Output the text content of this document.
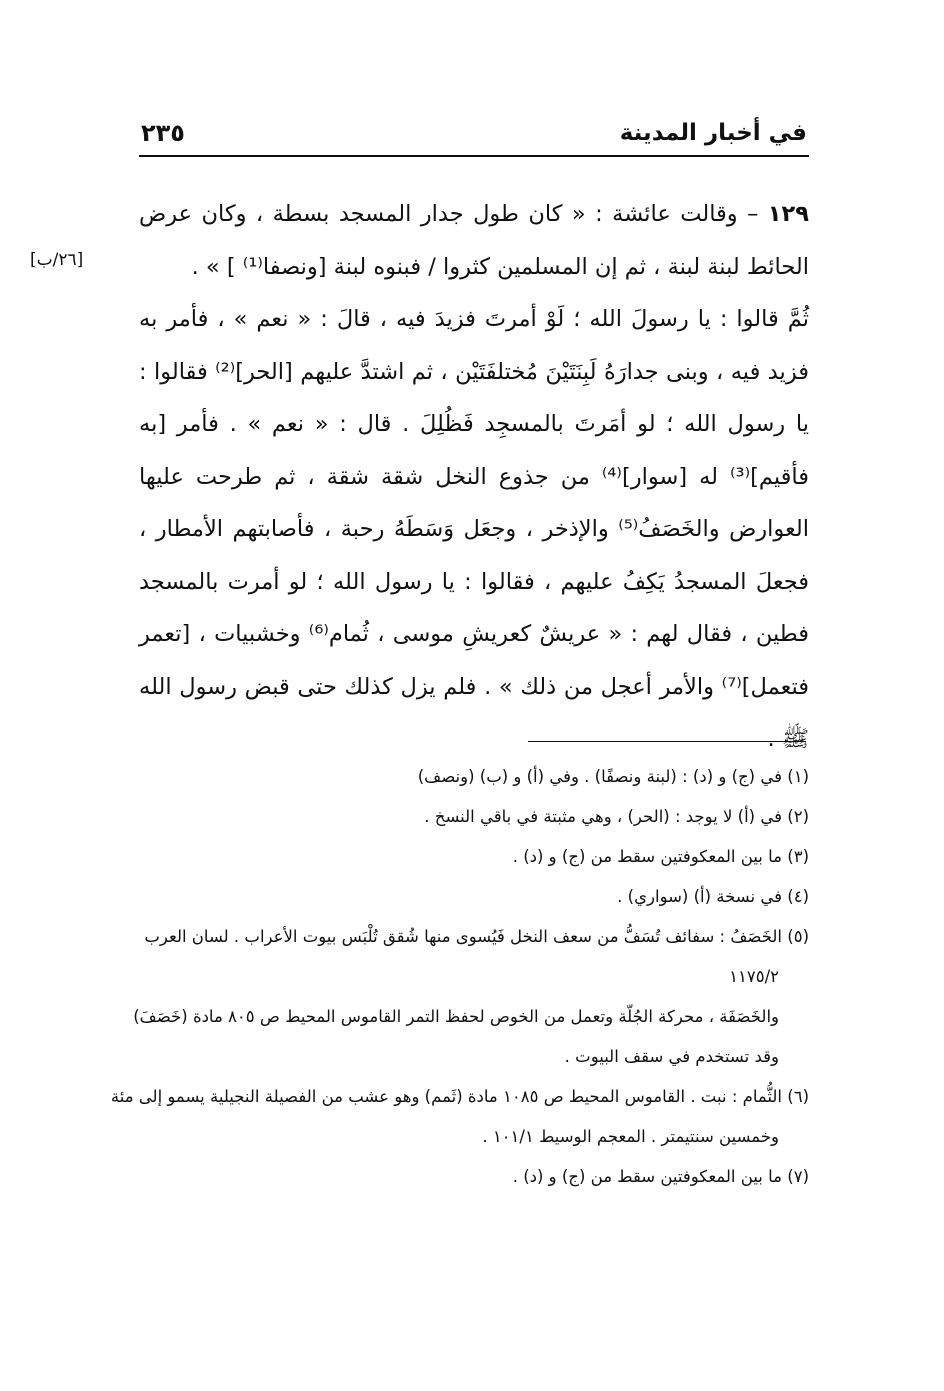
في أخبار المدينة
٢٣٥
[٢٦/ب]

١٢٩ – وقالت عائشة : « كان طول جدار المسجد بسطة ، وكان عرض الحائط لبنة لبنة ، ثم إن المسلمين كثروا / فبنوه لبنة [ونصفا⁽¹⁾ ] » .

ثُمَّ قالوا : يا رسولَ الله ؛ لَوْ أمرتَ فزيدَ فيه ، قالَ : « نعم » ، فأمر به فزيد فيه ، وبنى جدارَهُ لَبِنَتَيْنَ مُختلفَتَيْن ، ثم اشتدَّ عليهم [الحر]⁽²⁾ فقالوا : يا رسول الله ؛ لو أمَرتَ بالمسجِد فَظُلِلَ . قال : « نعم » . فأمر [به فأقيم]⁽³⁾ له [سوار]⁽⁴⁾ من جذوع النخل شقة شقة ، ثم طرحت عليها العوارض والخَصَفُ⁽⁵⁾ والإذخر ، وجعَل وَسَطَهُ رحبة ، فأصابتهم الأمطار ، فجعلَ المسجدُ يَكِفُ عليهم ، فقالوا : يا رسول الله ؛ لو أمرت بالمسجد فطين ، فقال لهم : « عريشٌ كعريشِ موسى ، ثُمام⁽⁶⁾ وخشبيات ، [تعمر فتعمل]⁽⁷⁾ والأمر أعجل من ذلك » . فلم يزل كذلك حتى قبض رسول الله ﷺ .

(١) في (ج) و (د) : (لبنة ونصفًا) . وفي (أ) و (ب) (ونصف)

(٢) في (أ) لا يوجد : (الحر) ، وهي مثبتة في باقي النسخ .

(٣) ما بين المعكوفتين سقط من (ج) و (د) .

(٤) في نسخة (أ) (سواري) .

(٥) الخَصَفُ : سفائف تُسَفُّ من سعف النخل فَيُسوى منها شُقق تُلْبَس بيوت الأعراب . لسان العرب

١١٧٥/٢

والخَصَفَة ، محركة الجُلّة وتعمل من الخوص لحفظ التمر القاموس المحيط ص ٨٠٥ مادة (خَصَفَ)

وقد تستخدم في سقف البيوت .

(٦) الثُّمام : نبت . القاموس المحيط ص ١٠٨٥ مادة (ثَمم) وهو عشب من الفصيلة النجيلية يسمو إلى مئة

وخمسين سنتيمتر . المعجم الوسيط ١٠١/١ .

(٧) ما بين المعكوفتين سقط من (ج) و (د) .
